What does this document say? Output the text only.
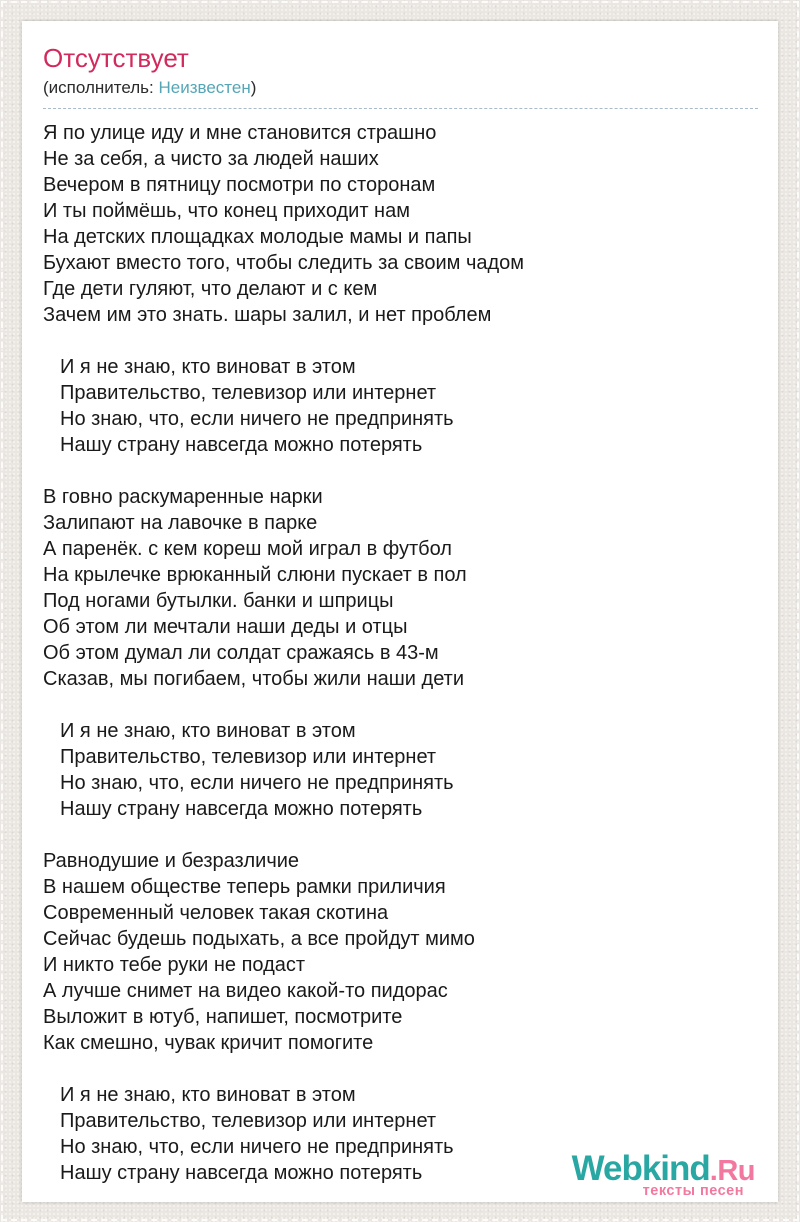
Отсутствует
(исполнитель: Неизвестен)
Я по улице иду и мне становится страшно
Не за себя, а чисто за людей наших
Вечером в пятницу посмотри по сторонам
И ты поймёшь, что конец приходит нам
На детских площадках молодые мамы и папы
Бухают вместо того, чтобы следить за своим чадом
Где дети гуляют, что делают и с кем
Зачем им это знать. шары залил, и нет проблем
И я не знаю, кто виноват в этом
Правительство, телевизор или интернет
Но знаю, что, если ничего не предпринять
Нашу страну навсегда можно потерять
В говно раскумаренные нарки
Залипают на лавочке в парке
А паренёк. с кем кореш мой играл в футбол
На крылечке врюканный слюни пускает в пол
Под ногами бутылки. банки и шприцы
Об этом ли мечтали наши деды и отцы
Об этом думал ли солдат сражаясь в 43-м
Сказав, мы погибаем, чтобы жили наши дети
И я не знаю, кто виноват в этом
Правительство, телевизор или интернет
Но знаю, что, если ничего не предпринять
Нашу страну навсегда можно потерять
Равнодушие и безразличие
В нашем обществе теперь рамки приличия
Современный человек такая скотина
Сейчас будешь подыхать, а все пройдут мимо
И никто тебе руки не подаст
А лучше снимет на видео какой-то пидорас
Выложит в ютуб, напишет, посмотрите
Как смешно, чувак кричит помогите
И я не знаю, кто виноват в этом
Правительство, телевизор или интернет
Но знаю, что, если ничего не предпринять
Нашу страну навсегда можно потерять	Webkind.Ru
тексты песен
